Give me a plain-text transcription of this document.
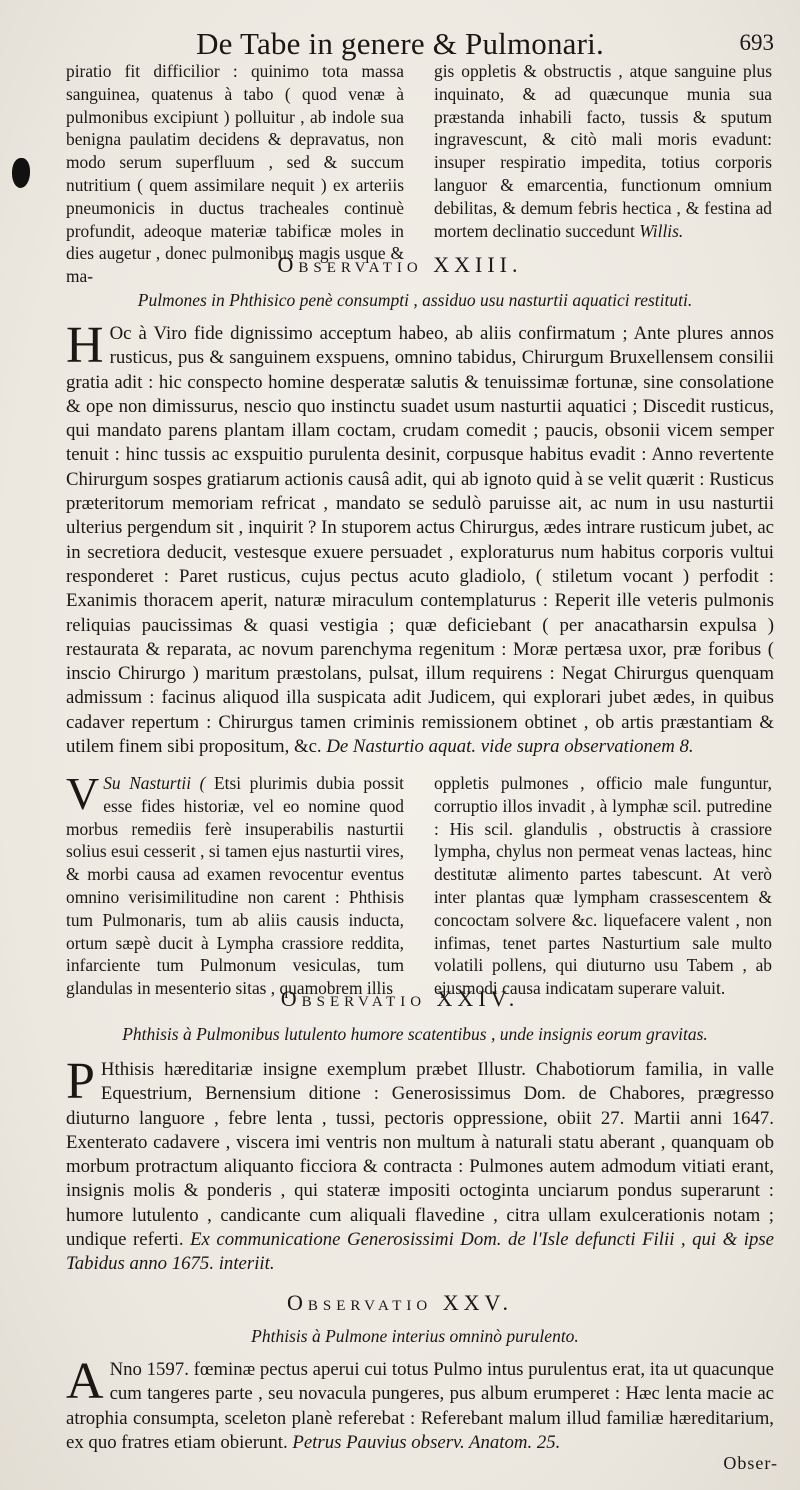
De Tabe in genere & Pulmonari.	693

piratio fit difficilior : quinimo tota massa sanguinea, quatenus à tabo ( quod venæ à pulmonibus excipiunt ) polluitur , ab indole sua benigna paulatim decidens & depravatus, non modo serum superfluum , sed & succum nutritium ( quem assimilare nequit ) ex arteriis pneumonicis in ductus tracheales continuè profundit, adeoque materiæ tabificæ moles in dies augetur , donec pulmonibus magis usque & ma-

gis oppletis & obstructis , atque sanguine plus inquinato, & ad quæcunque munia sua præstanda inhabili facto, tussis & sputum ingravescunt, & citò mali moris evadunt: insuper respiratio impedita, totius corporis languor & emarcentia, functionum omnium debilitas, & demum febris hectica , & festina ad mortem declinatio succedunt Willis.

Observatio XXIII.
Pulmones in Phthisico penè consumpti , assiduo usu nasturtii aquatici restituti.

H Oc à Viro fide dignissimo acceptum habeo, ab aliis confirmatum ; Ante plures annos rusticus, pus & sanguinem exspuens, omnino tabidus, Chirurgum Bruxellensem consilii gratia adit : hic conspecto homine desperatæ salutis & tenuissimæ fortunæ, sine consolatione & ope non dimissurus, nescio quo instinctu suadet usum nasturtii aquatici ; Discedit rusticus, qui mandato parens plantam illam coctam, crudam comedit ; paucis, obsonii vicem semper tenuit : hinc tussis ac exspuitio purulenta desinit, corpusque habitus evadit : Anno revertente Chirurgum sospes gratiarum actionis causâ adit, qui ab ignoto quid à se velit quærit : Rusticus præteritorum memoriam refricat , mandato se sedulò paruisse ait, ac num in usu nasturtii ulterius pergendum sit , inquirit ? In stuporem actus Chirurgus, ædes intrare rusticum jubet, ac in secretiora deducit, vestesque exuere persuadet , exploraturus num habitus corporis vultui responderet : Paret rusticus, cujus pectus acuto gladiolo, ( stiletum vocant ) perfodit : Exanimis thoracem aperit, naturæ miraculum contemplaturus : Reperit ille veteris pulmonis reliquias paucissimas & quasi vestigia ; quæ deficiebant ( per anacatharsin expulsa ) restaurata & reparata, ac novum parenchyma regenitum : Moræ pertæsa uxor, præ foribus ( inscio Chirurgo ) maritum præstolans, pulsat, illum requirens : Negat Chirurgus quenquam admissum : facinus aliquod illa suspicata adit Judicem, qui explorari jubet ædes, in quibus cadaver repertum : Chirurgus tamen criminis remissionem obtinet , ob artis præstantiam & utilem finem sibi propositum, &c. De Nasturtio aquat. vide supra observationem 8.

V Su Nasturtii ( Etsi plurimis dubia possit esse fides historiæ, vel eo nomine quod morbus remediis ferè insuperabilis nasturtii solius esui cesserit , si tamen ejus nasturtii vires, & morbi causa ad examen revocentur eventus omnino verisimilitudine non carent : Phthisis tum Pulmonaris, tum ab aliis causis inducta, ortum sæpè ducit à Lympha crassiore reddita, infarciente tum Pulmonum vesiculas, tum glandulas in mesenterio sitas , quamobrem illis

oppletis pulmones , officio male funguntur, corruptio illos invadit , à lymphæ scil. putredine : His scil. glandulis , obstructis à crassiore lympha, chylus non permeat venas lacteas, hinc destitutæ alimento partes tabescunt. At verò inter plantas quæ lympham crassescentem & concoctam solvere &c. liquefacere valent , non infimas, tenet partes Nasturtium sale multo volatili pollens, qui diuturno usu Tabem , ab ejusmodi causa indicatam superare valuit.

Observatio XXIV.
Phthisis à Pulmonibus lutulento humore scatentibus , unde insignis eorum gravitas.

P Hthisis hæreditariæ insigne exemplum præbet Illustr. Chabotiorum familia, in valle Equestrium, Bernensium ditione : Generosissimus Dom. de Chabores, prægresso diuturno languore , febre lenta , tussi, pectoris oppressione, obiit 27. Martii anni 1647. Exenterato cadavere , viscera imi ventris non multum à naturali statu aberant , quanquam ob morbum protractum aliquanto ficciora & contracta : Pulmones autem admodum vitiati erant, insignis molis & ponderis , qui stateræ impositi octoginta unciarum pondus superarunt : humore lutulento , candicante cum aliquali flavedine , citra ullam exulcerationis notam ; undique referti. Ex communicatione Generosissimi Dom. de l'Isle defuncti Filii , qui & ipse Tabidus anno 1675. interiit.

Observatio XXV.
Phthisis à Pulmone interius omninò purulento.

A Nno 1597. fœminæ pectus aperui cui totus Pulmo intus purulentus erat, ita ut quacunque cum tangeres parte , seu novacula pungeres, pus album erumperet : Hæc lenta macie ac atrophia consumpta, sceleton planè referebat : Referebant malum illud familiæ hæreditarium, ex quo fratres etiam obierunt. Petrus Pauvius observ. Anatom. 25.

Obser-
